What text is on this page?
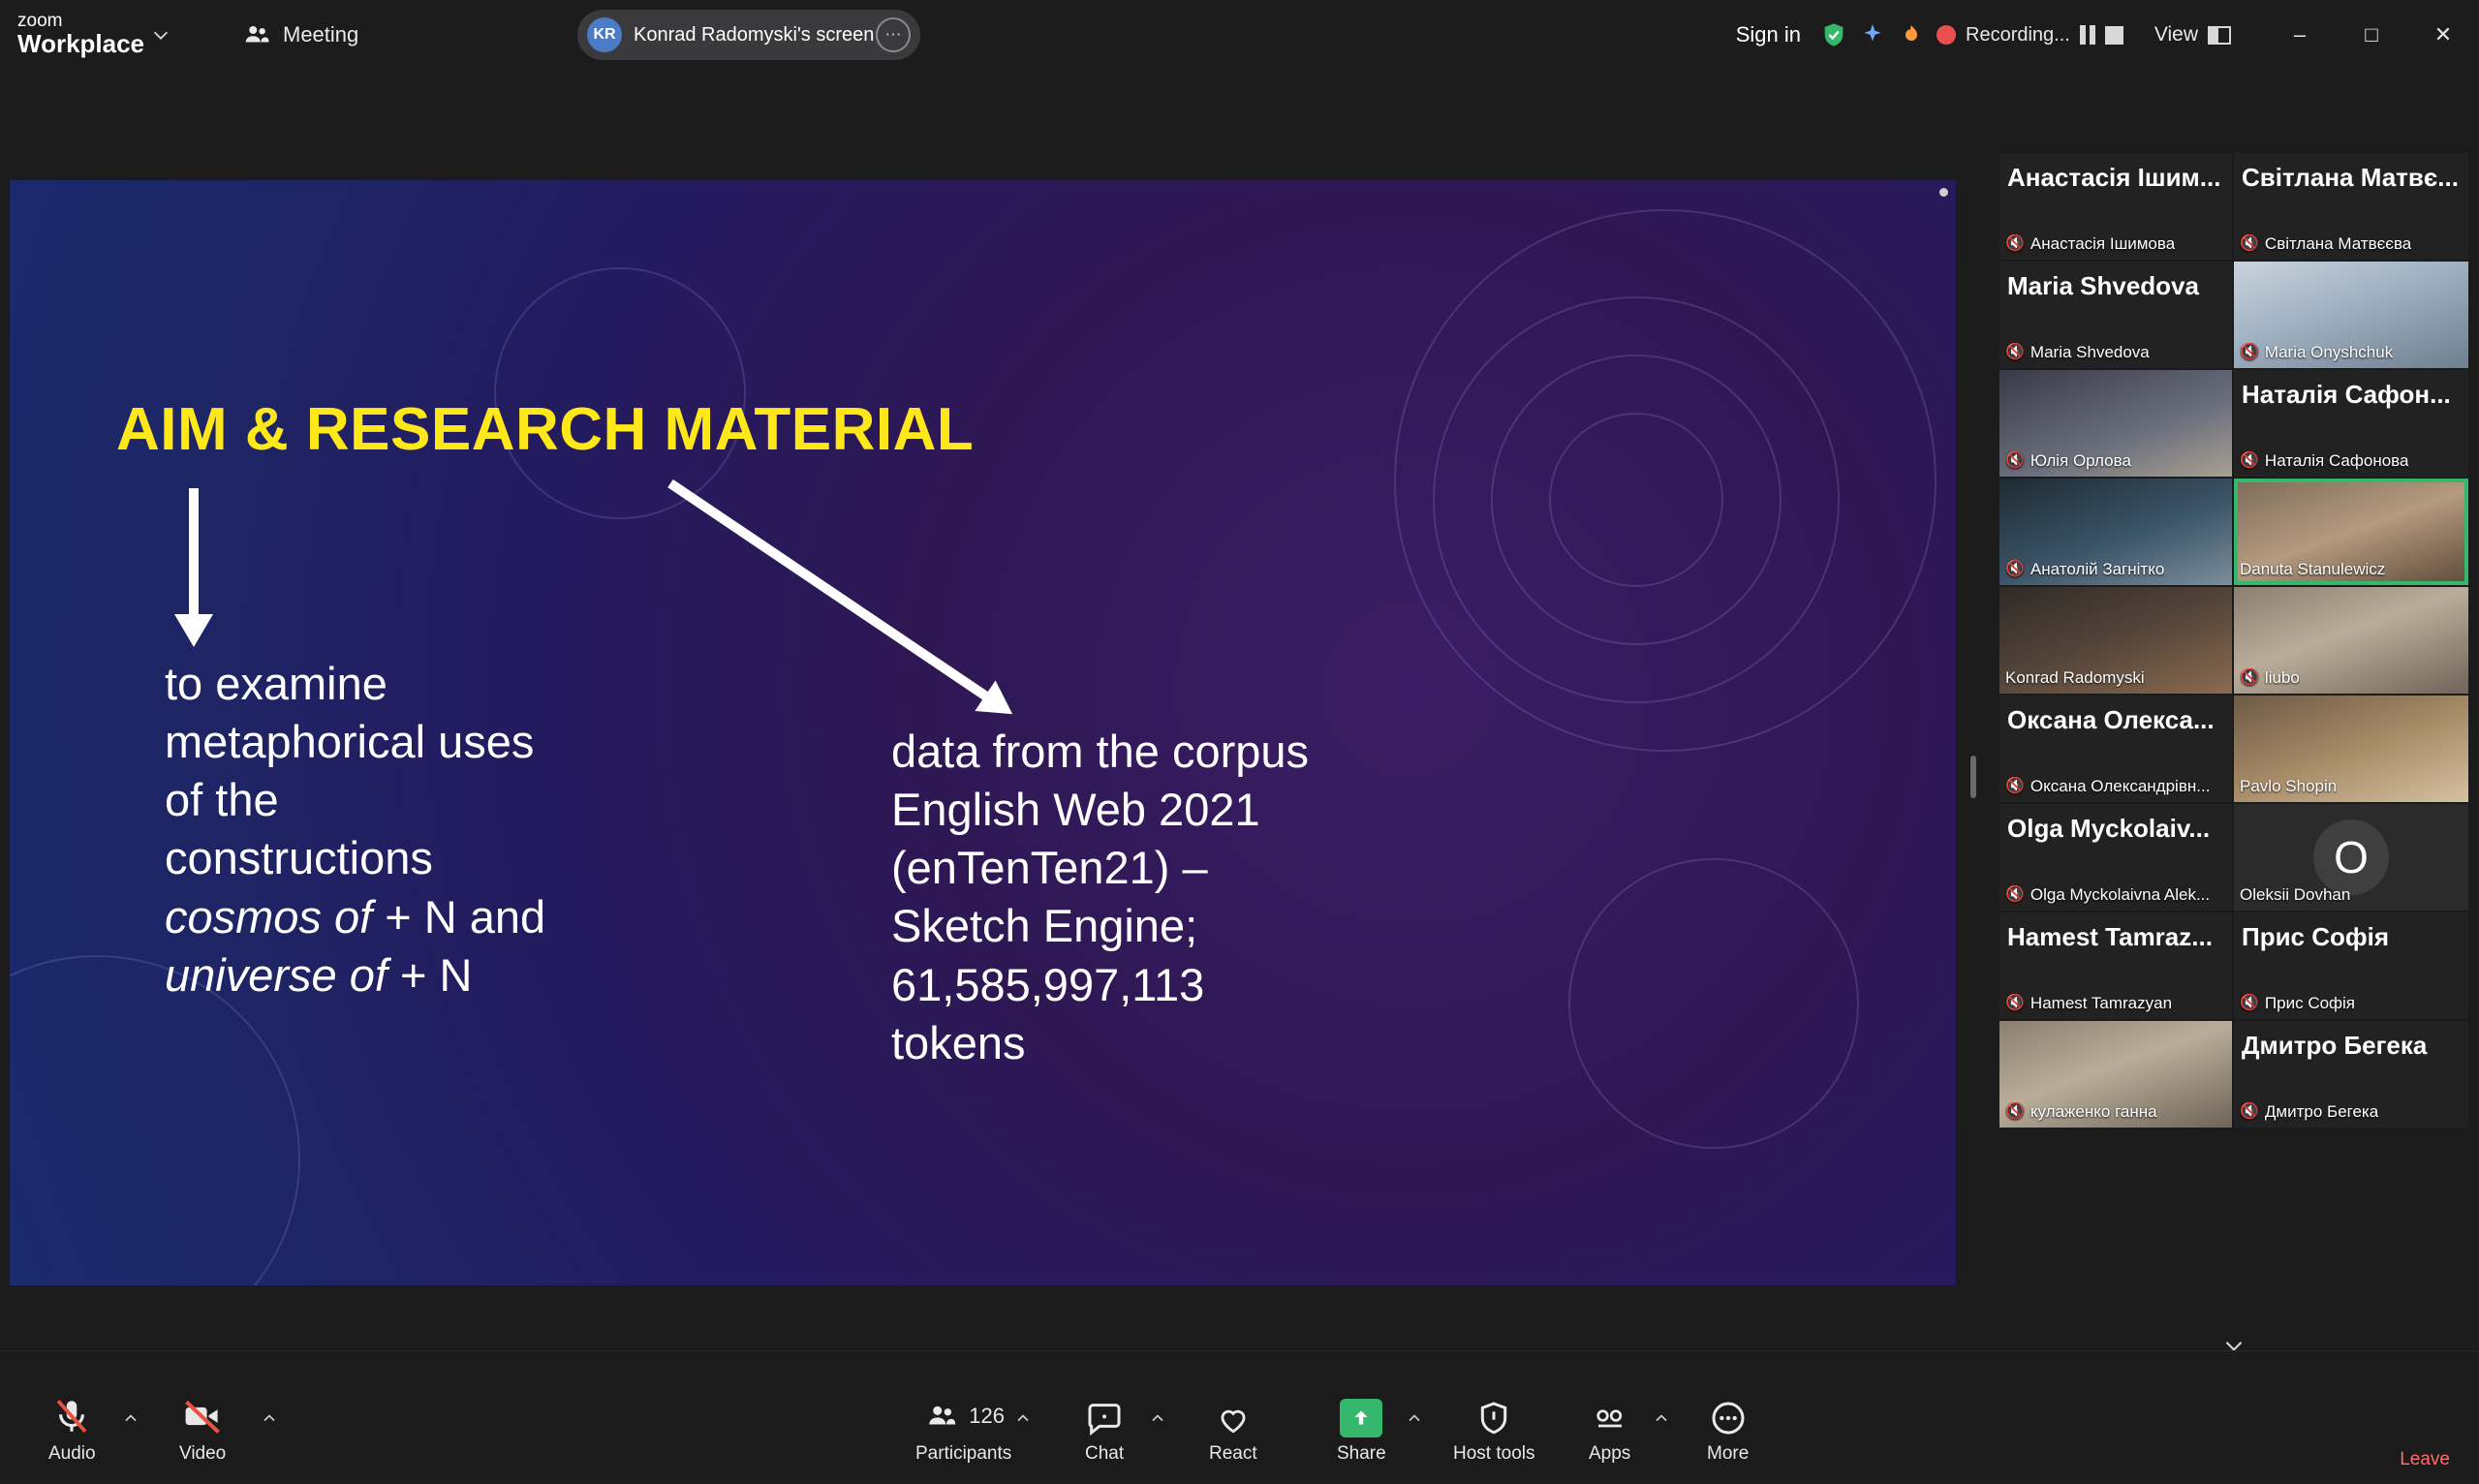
zoom
Workplace	Meeting	KR Konrad Radomyski's screen ⋯	Sign in	Recording...	View	–	□	✕
AIM & RESEARCH MATERIAL
to examine
metaphorical uses
of the
constructions
cosmos of + N and
universe of + N
data from the corpus
English Web 2021
(enTenTen21) –
Sketch Engine;
61,585,997,113
tokens
Анастасія Ішим...
🔇 Анастасія Ішимова
Світлана Матвє...
🔇 Світлана Матвєєва
Maria Shvedova
🔇 Maria Shvedova	🔇 Maria Onyshchuk
🔇 Юлія Орлова
Наталія Сафон...
🔇 Наталія Сафонова
🔇 Анатолій Загнітко	Danuta Stanulewicz
Konrad Radomyski	🔇 liubo
Оксана Олекса...
🔇 Оксана Олександрівн... Pavlo Shopin
Olga Myckolaiv...
🔇 Olga Myckolaivna Alek...
O
Oleksii Dovhan
Hamest Tamraz...
🔇 Hamest Tamrazyan
Прис Софія
🔇 Прис Софія
🔇 кулаженко ганна
Дмитро Бегека
🔇 Дмитро Бегека
Audio	Video
126
Participants	Chat	React	Share	Host tools	Apps	More	Leave
